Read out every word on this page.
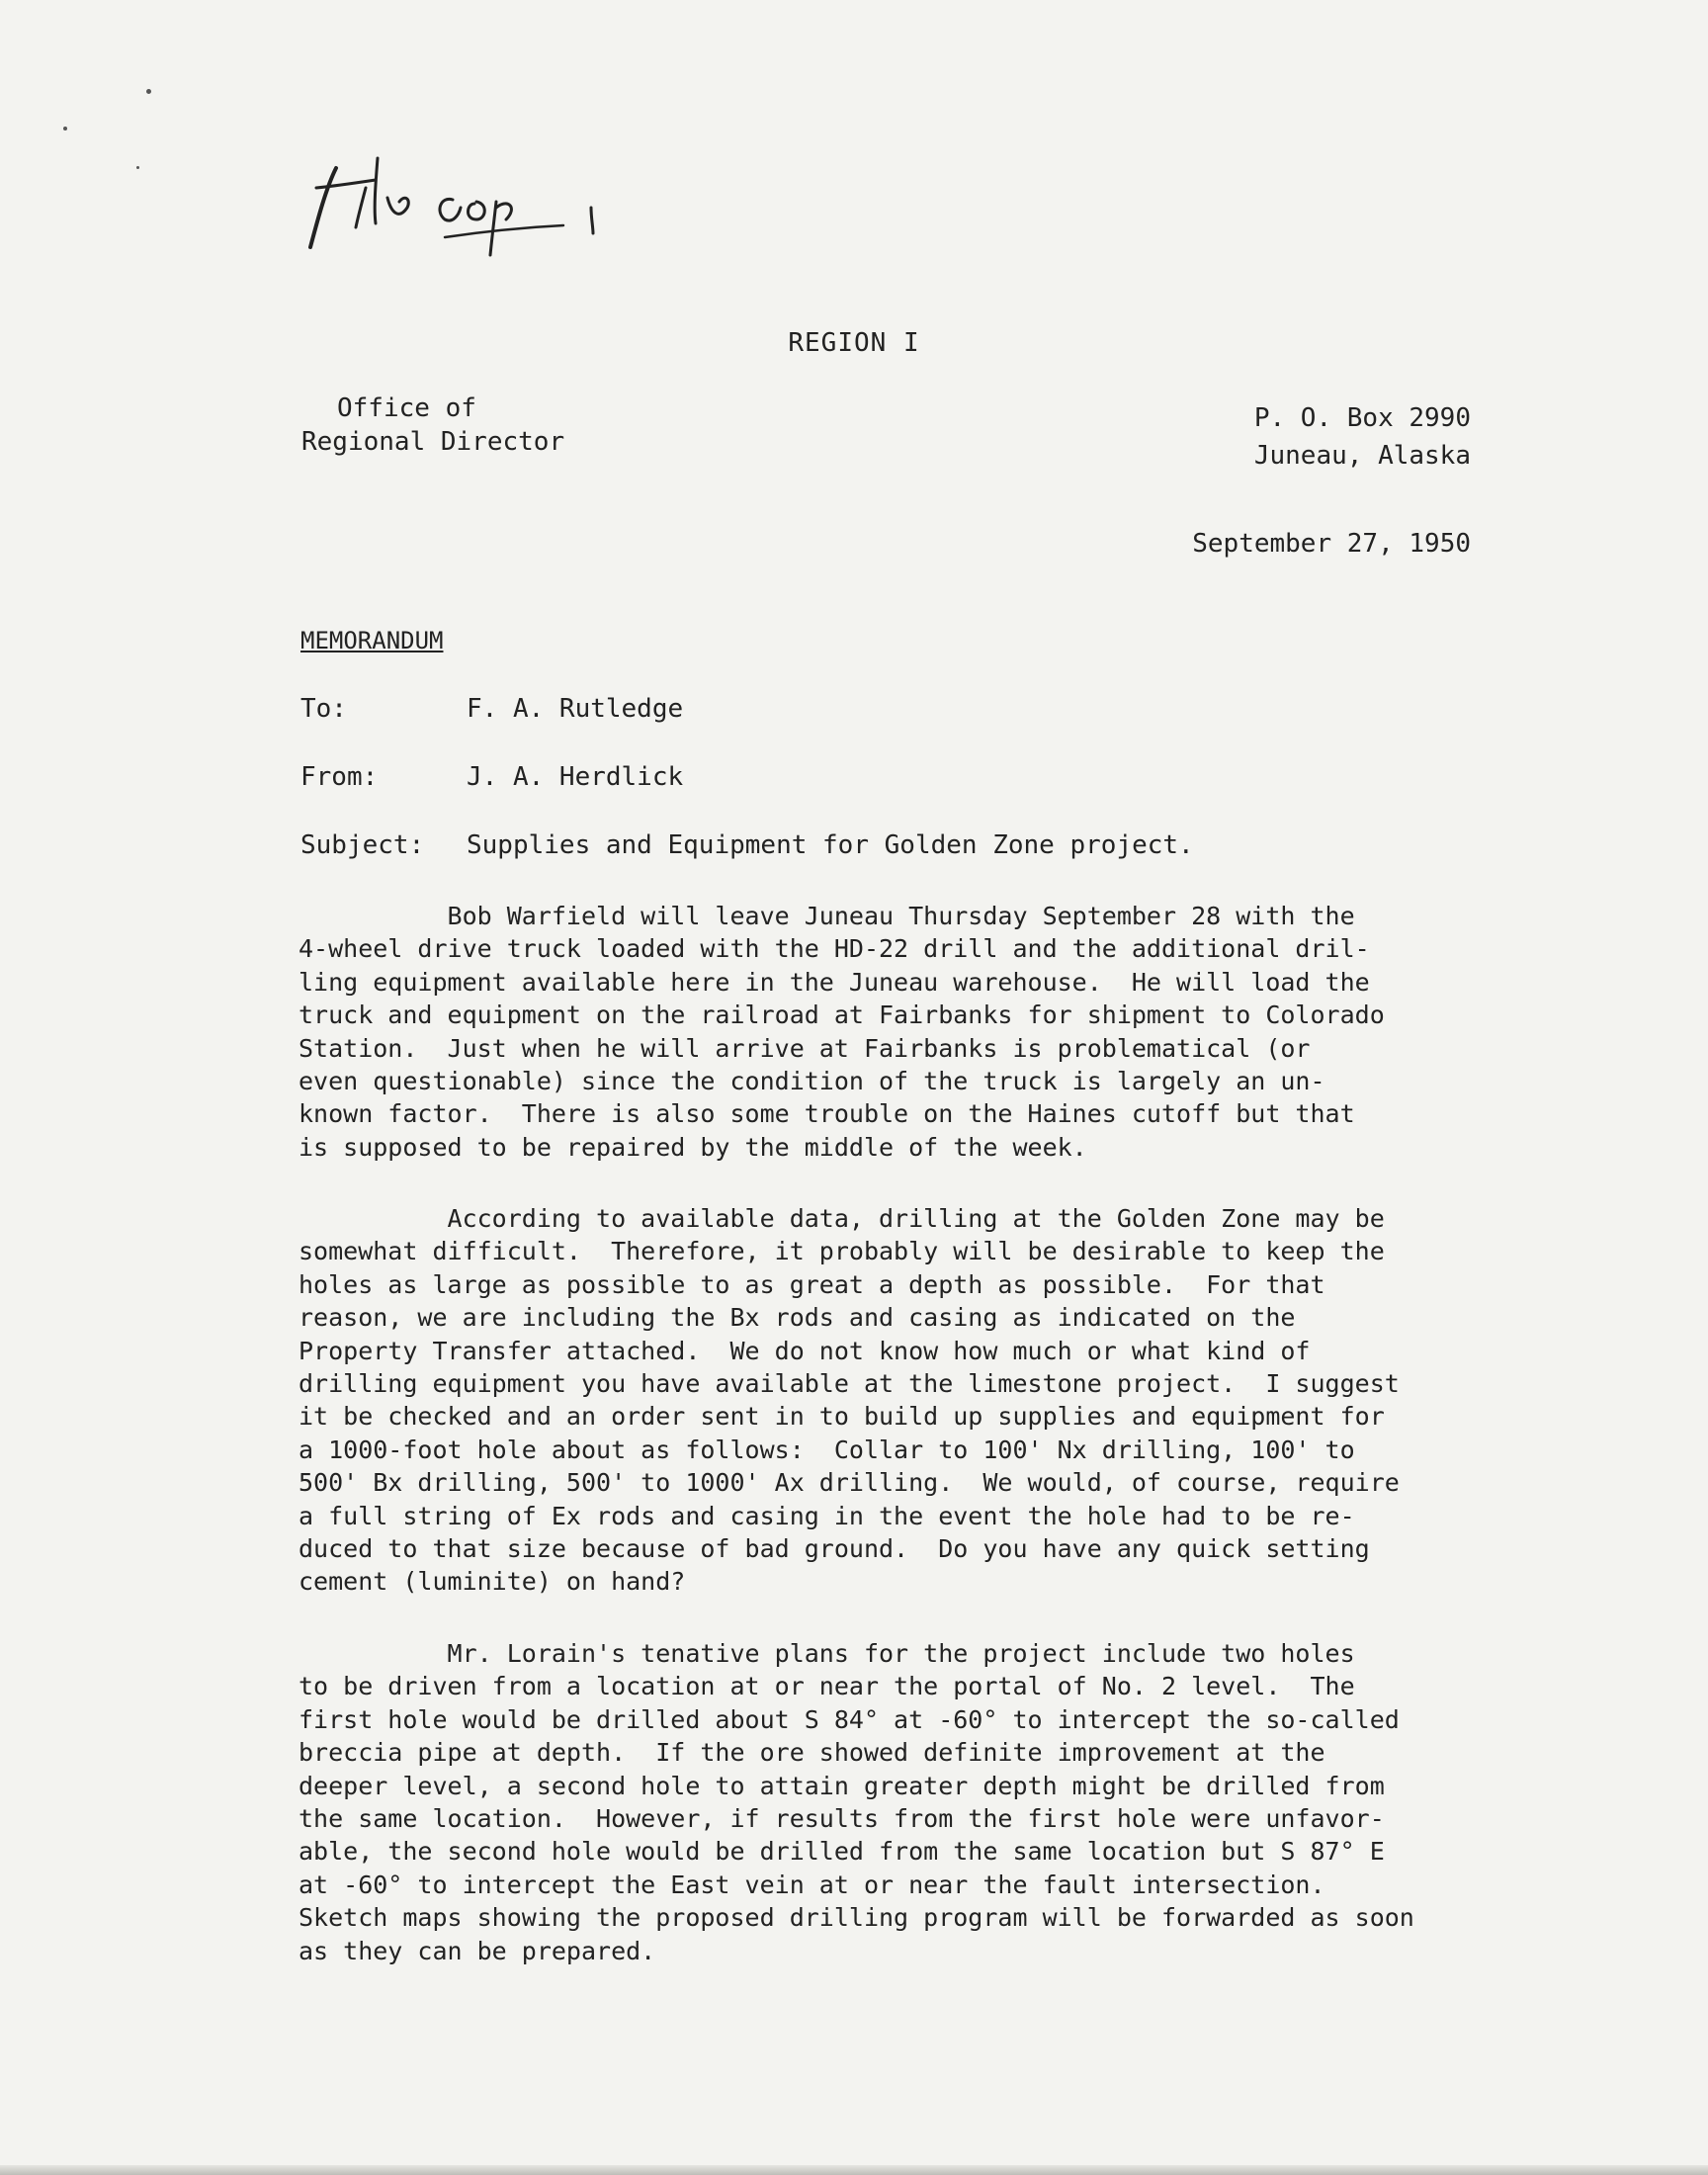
REGION I
Office of
Regional Director
P. O. Box 2990
Juneau, Alaska
September 27, 1950
MEMORANDUM
To:	F. A. Rutledge
From:	J. A. Herdlick
Subject: Supplies and Equipment for Golden Zone project.

Bob Warfield will leave Juneau Thursday September 28 with the
4-wheel drive truck loaded with the HD-22 drill and the additional dril-
ling equipment available here in the Juneau warehouse.  He will load the
truck and equipment on the railroad at Fairbanks for shipment to Colorado
Station.  Just when he will arrive at Fairbanks is problematical (or
even questionable) since the condition of the truck is largely an un-
known factor.  There is also some trouble on the Haines cutoff but that
is supposed to be repaired by the middle of the week.

According to available data, drilling at the Golden Zone may be
somewhat difficult.  Therefore, it probably will be desirable to keep the
holes as large as possible to as great a depth as possible.  For that
reason, we are including the Bx rods and casing as indicated on the
Property Transfer attached.  We do not know how much or what kind of
drilling equipment you have available at the limestone project.  I suggest
it be checked and an order sent in to build up supplies and equipment for
a 1000-foot hole about as follows:  Collar to 100' Nx drilling, 100' to
500' Bx drilling, 500' to 1000' Ax drilling.  We would, of course, require
a full string of Ex rods and casing in the event the hole had to be re-
duced to that size because of bad ground.  Do you have any quick setting
cement (luminite) on hand?

Mr. Lorain's tenative plans for the project include two holes
to be driven from a location at or near the portal of No. 2 level.  The
first hole would be drilled about S 84° at -60° to intercept the so-called
breccia pipe at depth.  If the ore showed definite improvement at the
deeper level, a second hole to attain greater depth might be drilled from
the same location.  However, if results from the first hole were unfavor-
able, the second hole would be drilled from the same location but S 87° E
at -60° to intercept the East vein at or near the fault intersection.
Sketch maps showing the proposed drilling program will be forwarded as soon
as they can be prepared.
